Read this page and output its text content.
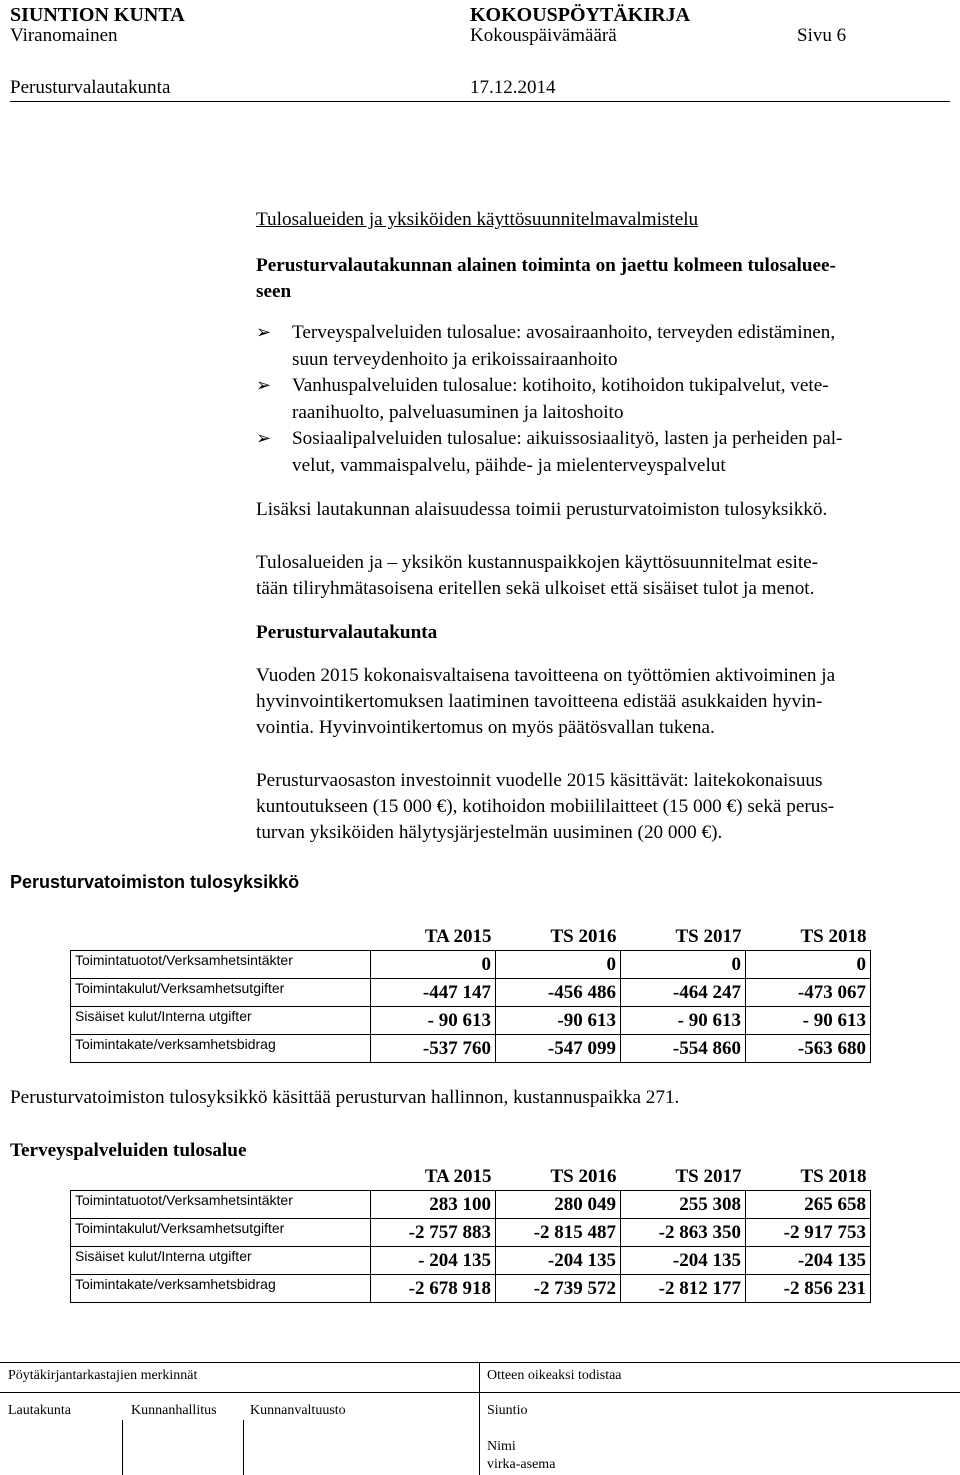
SIUNTION KUNTA	KOKOUSPÖYTÄKIRJA
Viranomainen	Kokouspäivämäärä	Sivu 6
Perusturvalautakunta	17.12.2014
Tulosalueiden ja yksiköiden käyttösuunnitelmavalmistelu
Perusturvalautakunnan alainen toiminta on jaettu kolmeen tulosaluee-
seen
➢ Terveyspalveluiden tulosalue: avosairaanhoito, terveyden edistäminen,
suun terveydenhoito ja erikoissairaanhoito
➢ Vanhuspalveluiden tulosalue: kotihoito, kotihoidon tukipalvelut, vete-
raanihuolto, palveluasuminen ja laitoshoito
➢ Sosiaalipalveluiden tulosalue: aikuissosiaalityö, lasten ja perheiden pal-
velut, vammaispalvelu, päihde- ja mielenterveyspalvelut
Lisäksi lautakunnan alaisuudessa toimii perusturvatoimiston tulosyksikkö.
Tulosalueiden ja – yksikön kustannuspaikkojen käyttösuunnitelmat esite-
tään tiliryhmätasoisena eritellen sekä ulkoiset että sisäiset tulot ja menot.
Perusturvalautakunta
Vuoden 2015 kokonaisvaltaisena tavoitteena on työttömien aktivoiminen ja
hyvinvointikertomuksen laatiminen tavoitteena edistää asukkaiden hyvin-
vointia. Hyvinvointikertomus on myös päätösvallan tukena.
Perusturvaosaston investoinnit vuodelle 2015 käsittävät: laitekokonaisuus
kuntoutukseen (15 000 €), kotihoidon mobiililaitteet (15 000 €) sekä perus-
turvan yksiköiden hälytysjärjestelmän uusiminen (20 000 €).
Perusturvatoimiston tulosyksikkö
	TA 2015	TS 2016	TS 2017	TS 2018
Toimintatuotot/Verksamhetsintäkter	0	0	0	0
Toimintakulut/Verksamhetsutgifter	-447 147	-456 486	-464 247	-473 067
Sisäiset kulut/Interna utgifter	- 90 613	-90 613	- 90 613	- 90 613
Toimintakate/verksamhetsbidrag	-537 760	-547 099	-554 860	-563 680
Perusturvatoimiston tulosyksikkö käsittää perusturvan hallinnon, kustannuspaikka 271.
Terveyspalveluiden tulosalue
	TA 2015	TS 2016	TS 2017	TS 2018
Toimintatuotot/Verksamhetsintäkter	283 100	280 049	255 308	265 658
Toimintakulut/Verksamhetsutgifter	-2 757 883	-2 815 487	-2 863 350	-2 917 753
Sisäiset kulut/Interna utgifter	- 204 135	-204 135	-204 135	-204 135
Toimintakate/verksamhetsbidrag	-2 678 918	-2 739 572	-2 812 177	-2 856 231
Pöytäkirjantarkastajien merkinnät	Otteen oikeaksi todistaa
Lautakunta	Kunnanhallitus Kunnanvaltuusto	Siuntio
Nimi
virka-asema
